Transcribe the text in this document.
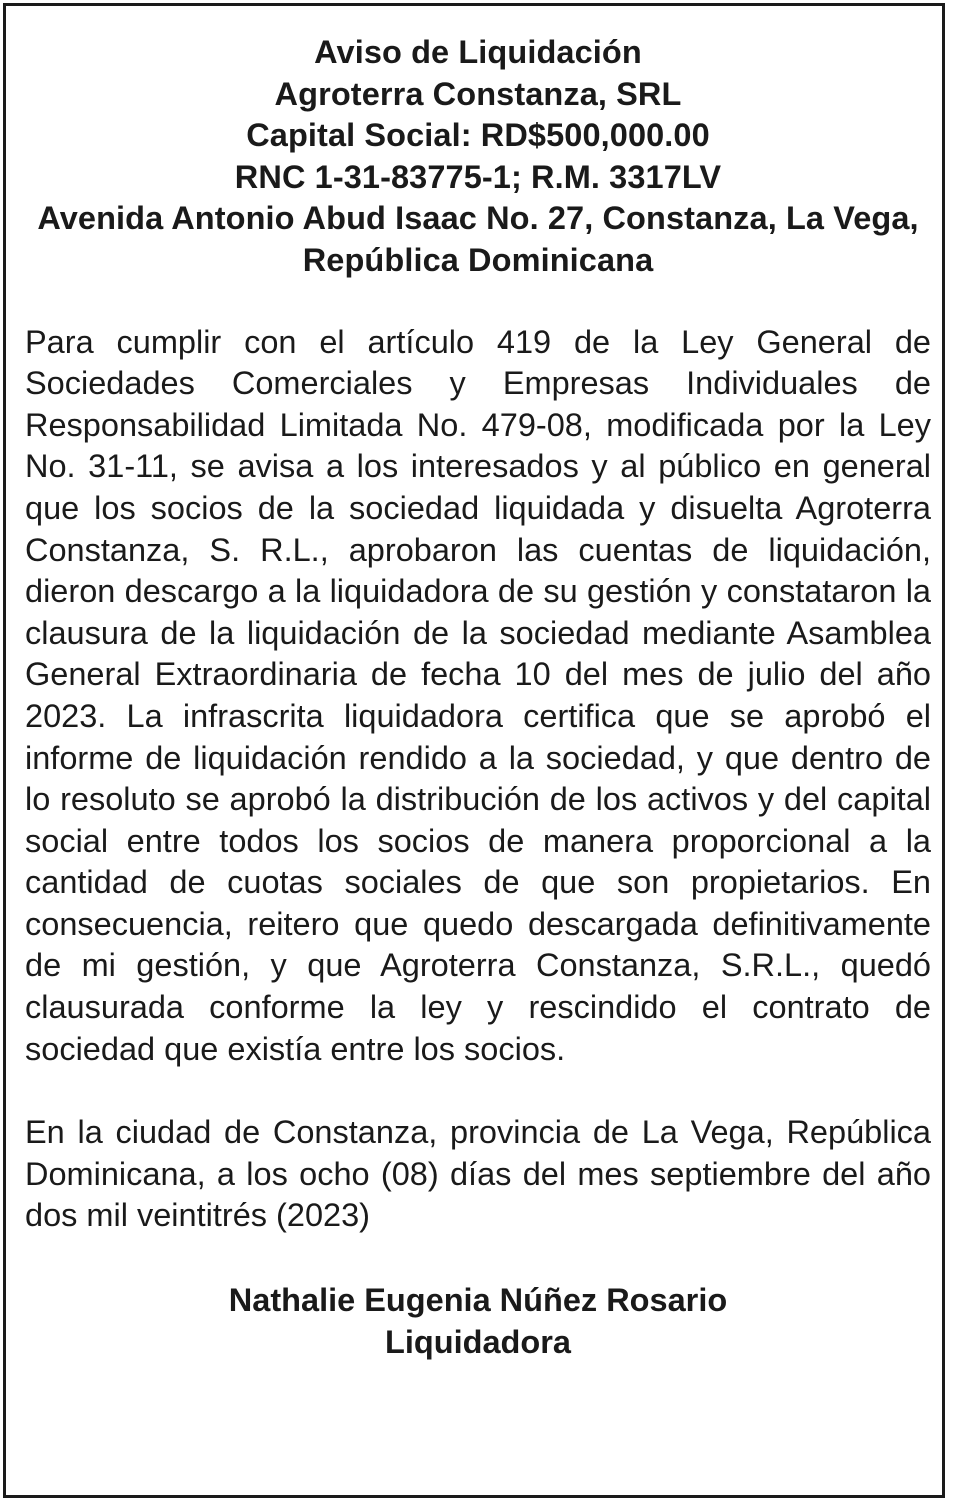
Aviso de Liquidación
Agroterra Constanza, SRL
Capital Social: RD$500,000.00
RNC 1-31-83775-1; R.M. 3317LV
Avenida Antonio Abud Isaac No. 27, Constanza, La Vega, República Dominicana

Para cumplir con el artículo 419 de la Ley General de Sociedades Comerciales y Empresas Individuales de Responsabilidad Limitada No. 479-08, modificada por la Ley No. 31-11, se avisa a los interesados y al público en general que los socios de la sociedad liquidada y disuelta Agroterra Constanza, S. R.L., aprobaron las cuentas de liquidación, dieron descargo a la liquidadora de su gestión y constataron la clausura de la liquidación de la sociedad mediante Asamblea General Extraordinaria de fecha 10 del mes de julio del año 2023. La infrascrita liquidadora certifica que se aprobó el informe de liquidación rendido a la sociedad, y que dentro de lo resoluto se aprobó la distribución de los activos y del capital social entre todos los socios de manera proporcional a la cantidad de cuotas sociales de que son propietarios. En consecuencia, reitero que quedo descargada definitivamente de mi gestión, y que Agroterra Constanza, S.R.L., quedó clausurada conforme la ley y rescindido el contrato de sociedad que existía entre los socios.

En la ciudad de Constanza, provincia de La Vega, República Dominicana, a los ocho (08) días del mes septiembre del año dos mil veintitrés (2023)

Nathalie Eugenia Núñez Rosario
Liquidadora
